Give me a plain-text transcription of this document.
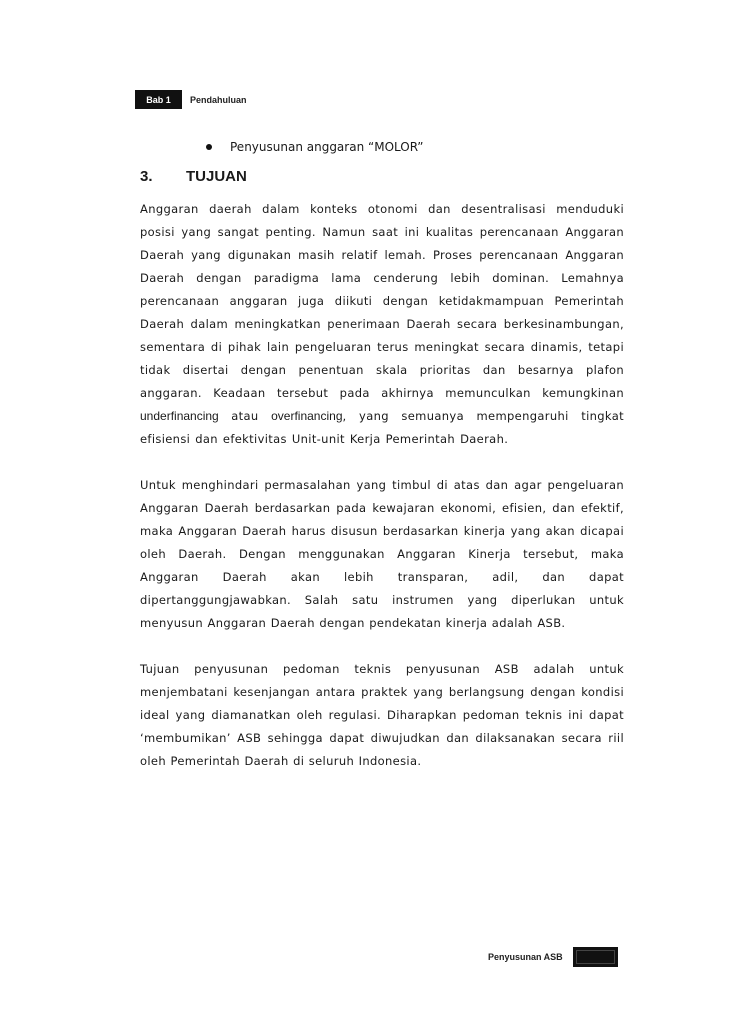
Bab 1	Pendahuluan
Penyusunan anggaran “MOLOR”
3.	TUJUAN

Anggaran daerah dalam konteks otonomi dan desentralisasi menduduki posisi yang sangat penting. Namun saat ini kualitas perencanaan Anggaran Daerah yang digunakan masih relatif lemah. Proses perencanaan Anggaran Daerah dengan paradigma lama cenderung lebih dominan. Lemahnya perencanaan anggaran juga diikuti dengan ketidakmampuan Pemerintah Daerah dalam meningkatkan penerimaan Daerah secara berkesinambungan, sementara di pihak lain pengeluaran terus meningkat secara dinamis, tetapi tidak disertai dengan penentuan skala prioritas dan besarnya plafon anggaran. Keadaan tersebut pada akhirnya memunculkan kemungkinan underfinancing atau overfinancing, yang semuanya mempengaruhi tingkat efisiensi dan efektivitas Unit-unit Kerja Pemerintah Daerah.

Untuk menghindari permasalahan yang timbul di atas dan agar pengeluaran Anggaran Daerah berdasarkan pada kewajaran ekonomi, efisien, dan efektif, maka Anggaran Daerah harus disusun berdasarkan kinerja yang akan dicapai oleh Daerah. Dengan menggunakan Anggaran Kinerja tersebut, maka Anggaran Daerah akan lebih transparan, adil, dan dapat dipertanggungjawabkan. Salah satu instrumen yang diperlukan untuk menyusun Anggaran Daerah dengan pendekatan kinerja adalah ASB.

Tujuan penyusunan pedoman teknis penyusunan ASB adalah untuk menjembatani kesenjangan antara praktek yang berlangsung dengan kondisi ideal yang diamanatkan oleh regulasi. Diharapkan pedoman teknis ini dapat ‘membumikan’ ASB sehingga dapat diwujudkan dan dilaksanakan secara riil oleh Pemerintah Daerah di seluruh Indonesia.

Penyusunan ASB
